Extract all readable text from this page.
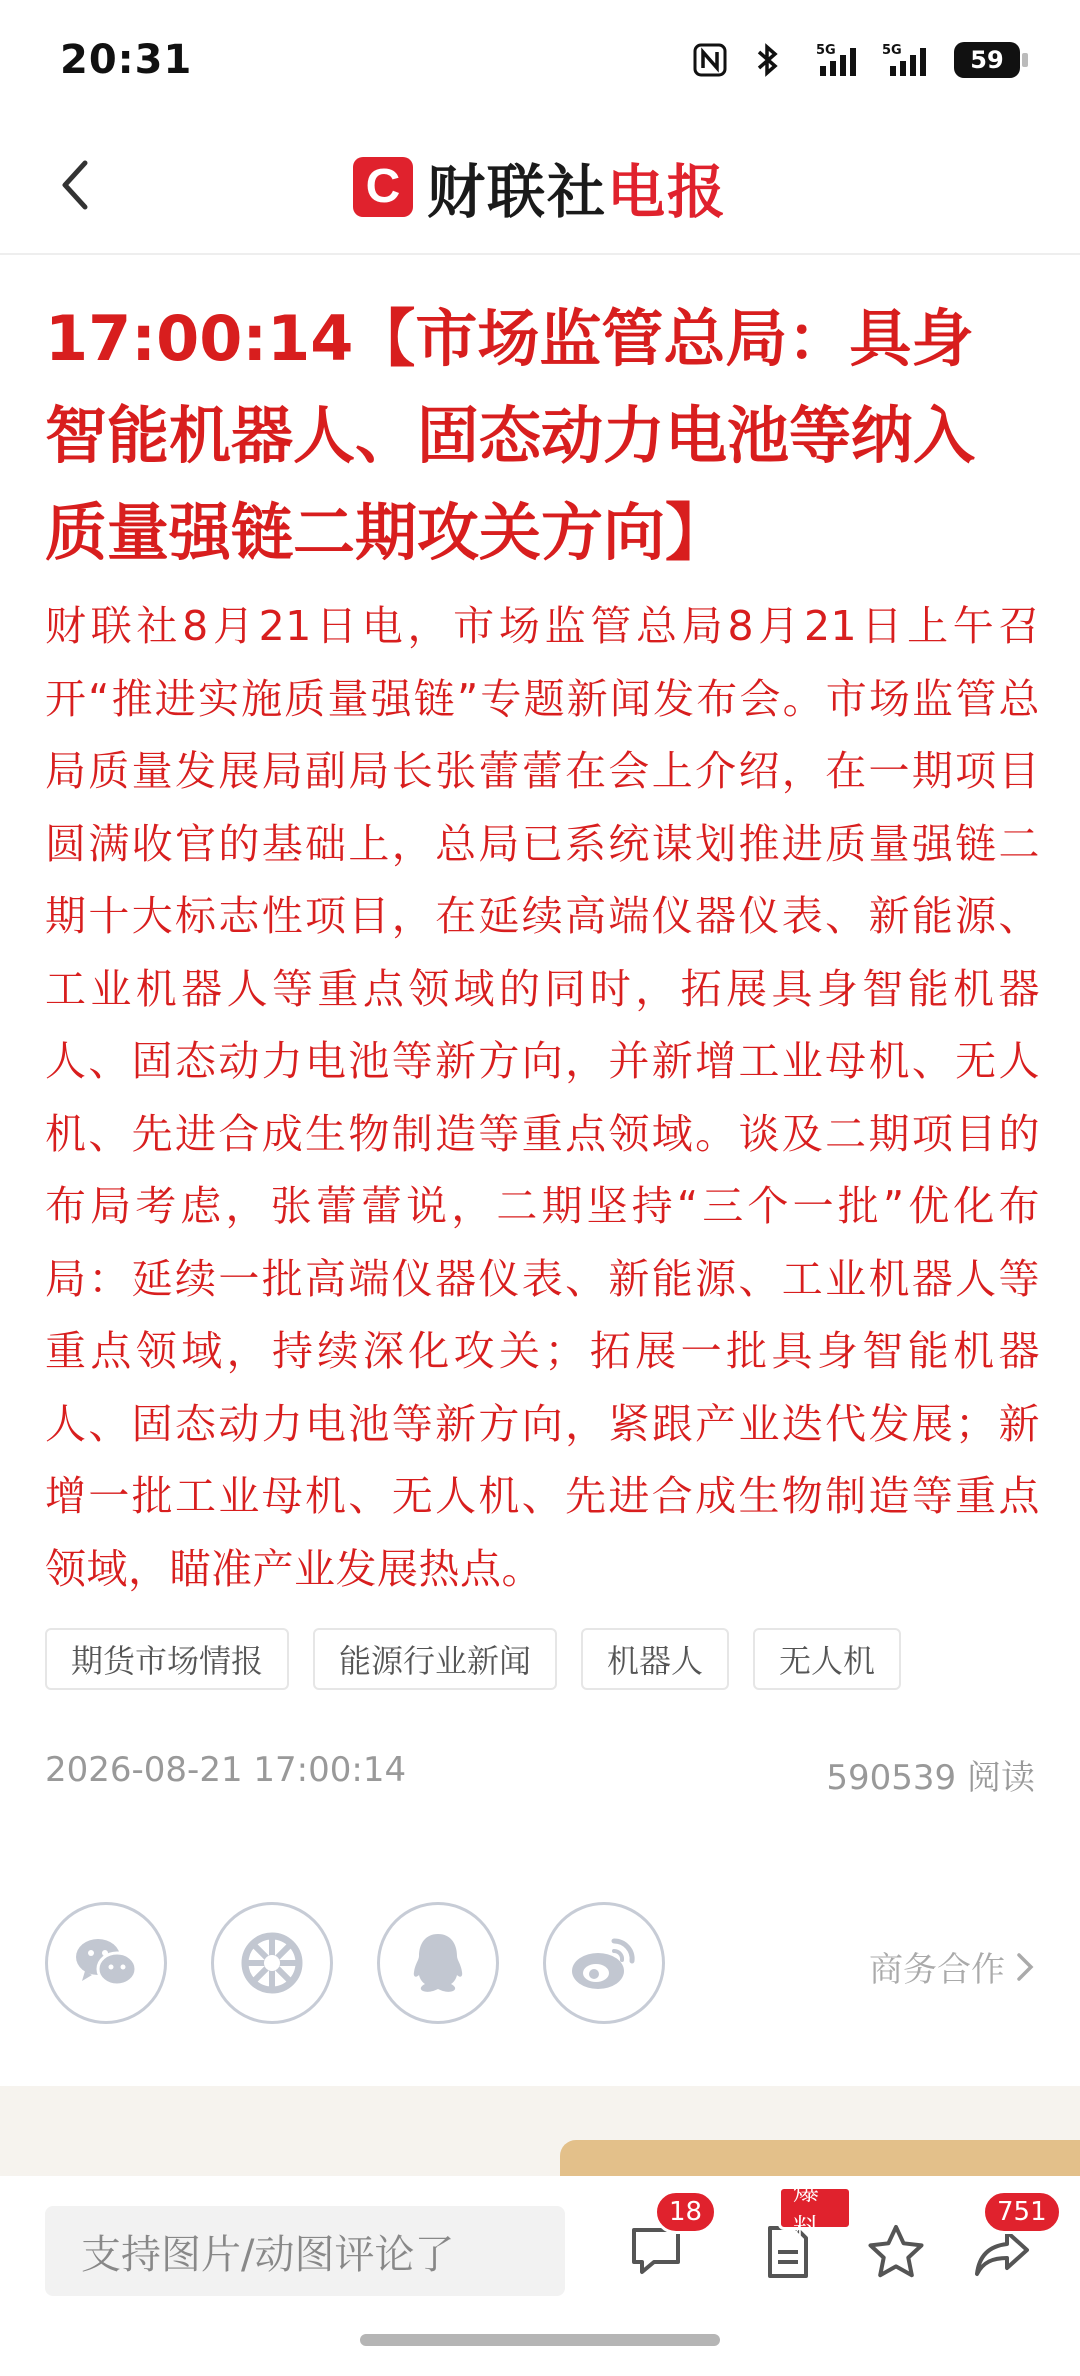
20:31	5G	5G	59
C 财联社电报
17:00:14【市场监管总局：具身智能机器人、固态动力电池等纳入质量强链二期攻关方向】

财联社8月21日电，市场监管总局8月21日上午召开“推进实施质量强链”专题新闻发布会。市场监管总局质量发展局副局长张蕾蕾在会上介绍，在一期项目圆满收官的基础上，总局已系统谋划推进质量强链二期十大标志性项目，在延续高端仪器仪表、新能源、工业机器人等重点领域的同时，拓展具身智能机器人、固态动力电池等新方向，并新增工业母机、无人机、先进合成生物制造等重点领域。谈及二期项目的布局考虑，张蕾蕾说，二期坚持“三个一批”优化布局：延续一批高端仪器仪表、新能源、工业机器人等重点领域，持续深化攻关；拓展一批具身智能机器人、固态动力电池等新方向，紧跟产业迭代发展；新增一批工业母机、无人机、先进合成生物制造等重点领域，瞄准产业发展热点。

期货市场情报	能源行业新闻	机器人	无人机
2026-08-21 17:00:14	590539 阅读
商务合作
支持图片/动图评论了
18
爆料
751
